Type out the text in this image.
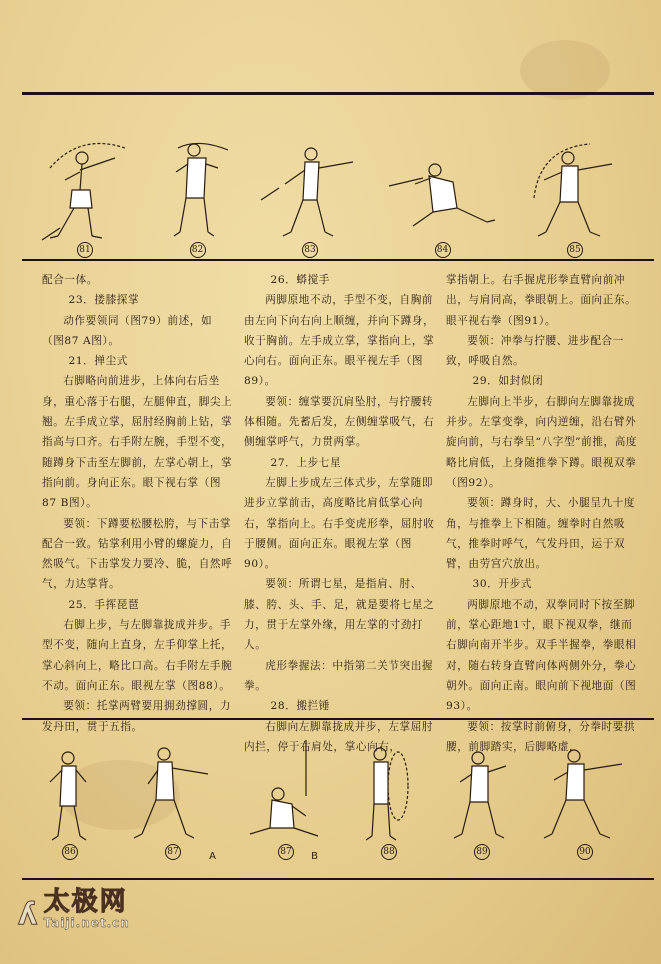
81	82	83	84	85

配合一体。

23．搂膝探掌

动作要领同（图79）前述，如（图87 A图）。

21．掸尘式

右脚略向前进步，上体向右后坐身，重心落于右腿，左腿伸直，脚尖上翘。左手成立掌，屈肘经胸前上钻，掌指高与口齐。右手附左腕，手型不变，随蹲身下击至左脚前，左掌心朝上，掌指向前。身向正东。眼下视右掌（图87 B图）。

要领：下蹲要松腰松胯，与下击掌配合一致。钻掌利用小臂的螺旋力，自然吸气。下击掌发力要冷、脆，自然呼气，力达掌背。

25．手挥琵琶

右脚上步，与左脚靠拢成并步。手型不变，随向上直身，左手仰掌上托，掌心斜向上，略比口高。右手附左手腕不动。面向正东。眼视左掌（图88）。

要领：托掌两臂要用拥劲撑圆，力发丹田，贯于五指。

26．蟒搅手

两脚原地不动，手型不变，自胸前由左向下向右向上顺缠，并向下蹲身，收于胸前。左手成立掌，掌指向上，掌心向右。面向正东。眼平视左手（图89）。

要领：缠掌要沉肩坠肘，与拧腰转体相随。先蓄后发，左侧缠掌吸气，右侧缠掌呼气，力贯两掌。

27．上步七星

左脚上步成左三体式步，左掌随即进步立掌前击，高度略比肩低掌心向右，掌指向上。右手变虎形拳，屈肘收于腰侧。面向正东。眼视左掌（图90）。

要领：所谓七星，是指肩、肘、膝、胯、头、手、足，就是要将七星之力，贯于左掌外缘，用左掌的寸劲打人。

虎形拳握法：中指第二关节突出握拳。

28．搬拦锤

右脚向左脚靠拢成并步，左掌屈肘内拦，停于右肩处，掌心向右，

掌指朝上。右手握虎形拳直臂向前冲出，与肩同高，拳眼朝上。面向正东。眼平视右拳（图91）。

要领：冲拳与拧腰、进步配合一致，呼吸自然。

29．如封似闭

左脚向上半步，右脚向左脚靠拢成并步。左掌变拳，向内逆缠，沿右臂外旋向前，与右拳呈“八字型”前推，高度略比肩低，上身随推拳下蹲。眼视双拳（图92）。

要领：蹲身时，大、小腿呈九十度角，与推拳上下相随。缠拳时自然吸气，推拳时呼气，气发丹田，运于双臂，由劳宫穴放出。

30．开步式

两脚原地不动，双拳同时下按至脚前，掌心距地1寸，眼下视双拳，继而右脚向南开半步。双手半握拳，拳眼相对，随右转身直臂向体两侧外分，拳心朝外。面向正南。眼向前下视地面（图93）。

要领：按掌时前俯身，分拳时要拱腰，前脚踏实，后脚略虚，

86	87	A	87 B	88	89	90
ʎ 太极网
Taiji.net.cn
